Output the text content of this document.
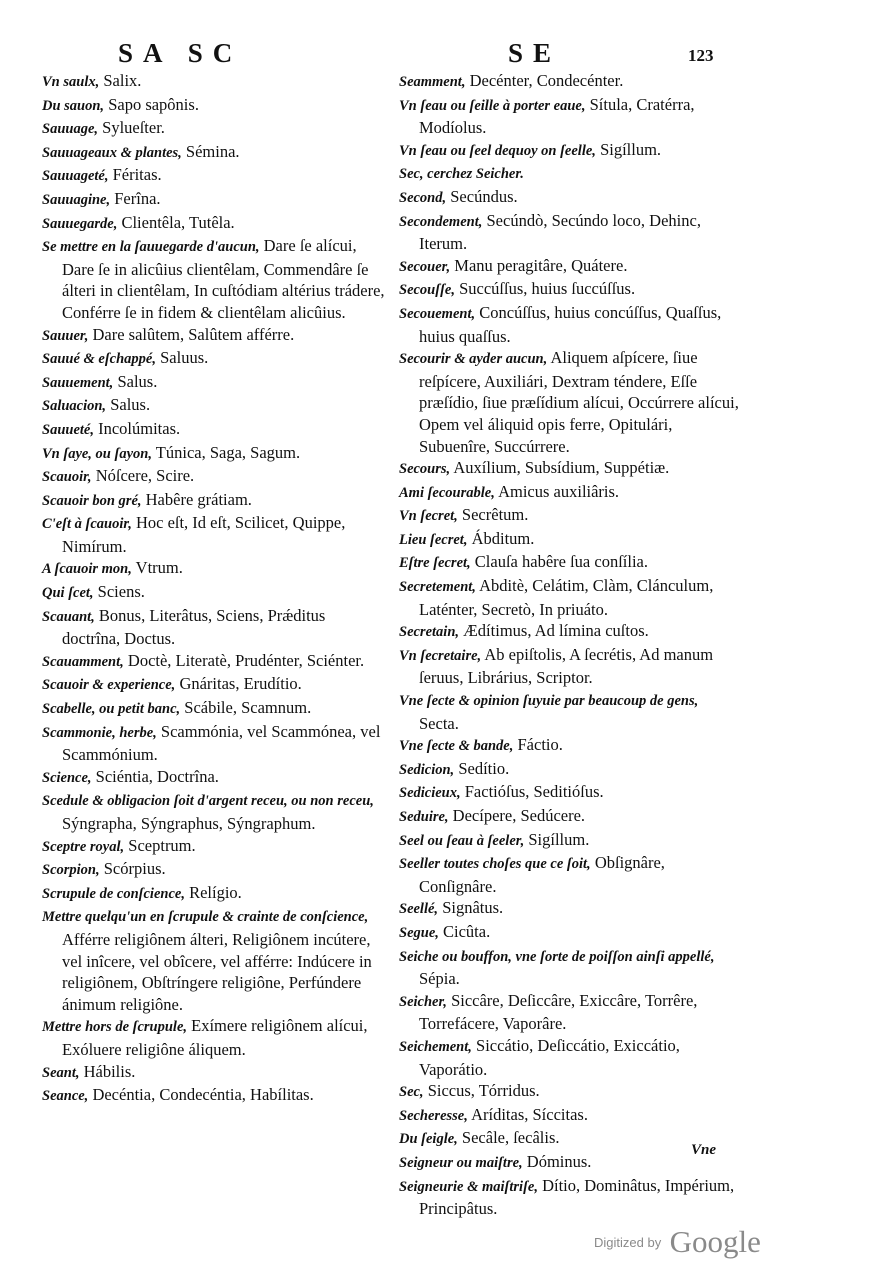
SA SC	SE	123
Vn saulx, Salix.
Du sauon, Sapo sapônis.
Sauuage, Sylueſter.
Sauuageaux & plantes, Sémina.
Sauuageté, Féritas.
Sauuagine, Ferîna.
Sauuegarde, Clientêla, Tutêla.
Se mettre en la ſauuegarde d'aucun, Dare ſe alícui, Dare ſe in alicûius clientêlam, Commendâre ſe álteri in clientêlam, In cuſtódiam altérius trádere, Conférre ſe in fidem & clientêlam alicûius.
Sauuer, Dare salûtem, Salûtem afférre.
Sauué & eſchappé, Saluus.
Sauuement, Salus.
Saluacion, Salus.
Sauueté, Incolúmitas.
Vn ſaye, ou ſayon, Túnica, Saga, Sagum.
Scauoir, Nóſcere, Scire.
Scauoir bon gré, Habêre grátiam.
C'eſt à ſcauoir, Hoc eſt, Id eſt, Scilicet, Quippe, Nimírum.
A ſcauoir mon, Vtrum.
Qui ſcet, Sciens.
Scauant, Bonus, Literâtus, Sciens, Prǽditus doctrîna, Doctus.
Scauamment, Doctè, Literatè, Prudénter, Sciénter.
Scauoir & experience, Gnáritas, Erudítio.
Scabelle, ou petit banc, Scábile, Scamnum.
Scammonie, herbe, Scammónia, vel Scammónea, vel Scammónium.
Science, Sciéntia, Doctrîna.
Scedule & obligacion ſoit d'argent receu, ou non receu, Sýngrapha, Sýngraphus, Sýngraphum.
Sceptre royal, Sceptrum.
Scorpion, Scórpius.
Scrupule de conſcience, Relígio.
Mettre quelqu'un en ſcrupule & crainte de conſcience, Afférre religiônem álteri, Religiônem incútere, vel inîcere, vel obîcere, vel afférre: Indúcere in religiônem, Obſtríngere religiône, Perfúndere ánimum religiône.
Mettre hors de ſcrupule, Exímere religiônem alícui, Exóluere religiône áliquem.
Seant, Hábilis.
Seance, Decéntia, Condecéntia, Habílitas.
Seamment, Decénter, Condecénter.
Vn ſeau ou ſeille à porter eaue, Sítula, Cratérra, Modíolus.
Vn ſeau ou ſeel dequoy on ſeelle, Sigíllum.
Sec, cerchez Seicher.
Second, Secúndus.
Secondement, Secúndò, Secúndo loco, Dehinc, Iterum.
Secouer, Manu peragitâre, Quátere.
Secouſſe, Succúſſus, huius ſuccúſſus.
Secouement, Concúſſus, huius concúſſus, Quaſſus, huius quaſſus.
Secourir & ayder aucun, Aliquem aſpícere, ſiue reſpícere, Auxiliári, Dextram téndere, Eſſe præſídio, ſiue præſídium alícui, Occúrrere alícui, Opem vel áliquid opis ferre, Opitulári, Subuenîre, Succúrrere.
Secours, Auxílium, Subsídium, Suppétiæ.
Ami ſecourable, Amicus auxiliâris.
Vn ſecret, Secrêtum.
Lieu ſecret, Ábditum.
Eſtre ſecret, Clauſa habêre ſua conſília.
Secretement, Abditè, Celátim, Clàm, Clánculum, Laténter, Secretò, In priuáto.
Secretain, Ædítimus, Ad límina cuſtos.
Vn ſecretaire, Ab epiſtolis, A ſecrétis, Ad manum ſeruus, Librárius, Scriptor.
Vne ſecte & opinion ſuyuie par beaucoup de gens, Secta.
Vne ſecte & bande, Fáctio.
Sedicion, Sedítio.
Sedicieux, Factióſus, Seditióſus.
Seduire, Decípere, Sedúcere.
Seel ou ſeau à ſeeler, Sigíllum.
Seeller toutes choſes que ce ſoit, Obſignâre, Conſignâre.
Seellé, Signâtus.
Segue, Cicûta.
Seiche ou bouffon, vne ſorte de poiſſon ainſi appellé, Sépia.
Seicher, Siccâre, Deſiccâre, Exiccâre, Torrêre, Torrefácere, Vaporâre.
Seichement, Siccátio, Deſiccátio, Exiccátio, Vaporátio.
Sec, Siccus, Tórridus.
Secheresse, Aríditas, Síccitas.
Du ſeigle, Secâle, ſecâlis.
Seigneur ou maiſtre, Dóminus.
Seigneurie & maiſtriſe, Dítio, Dominâtus, Impérium, Principâtus.
Vne
Digitized by Google
